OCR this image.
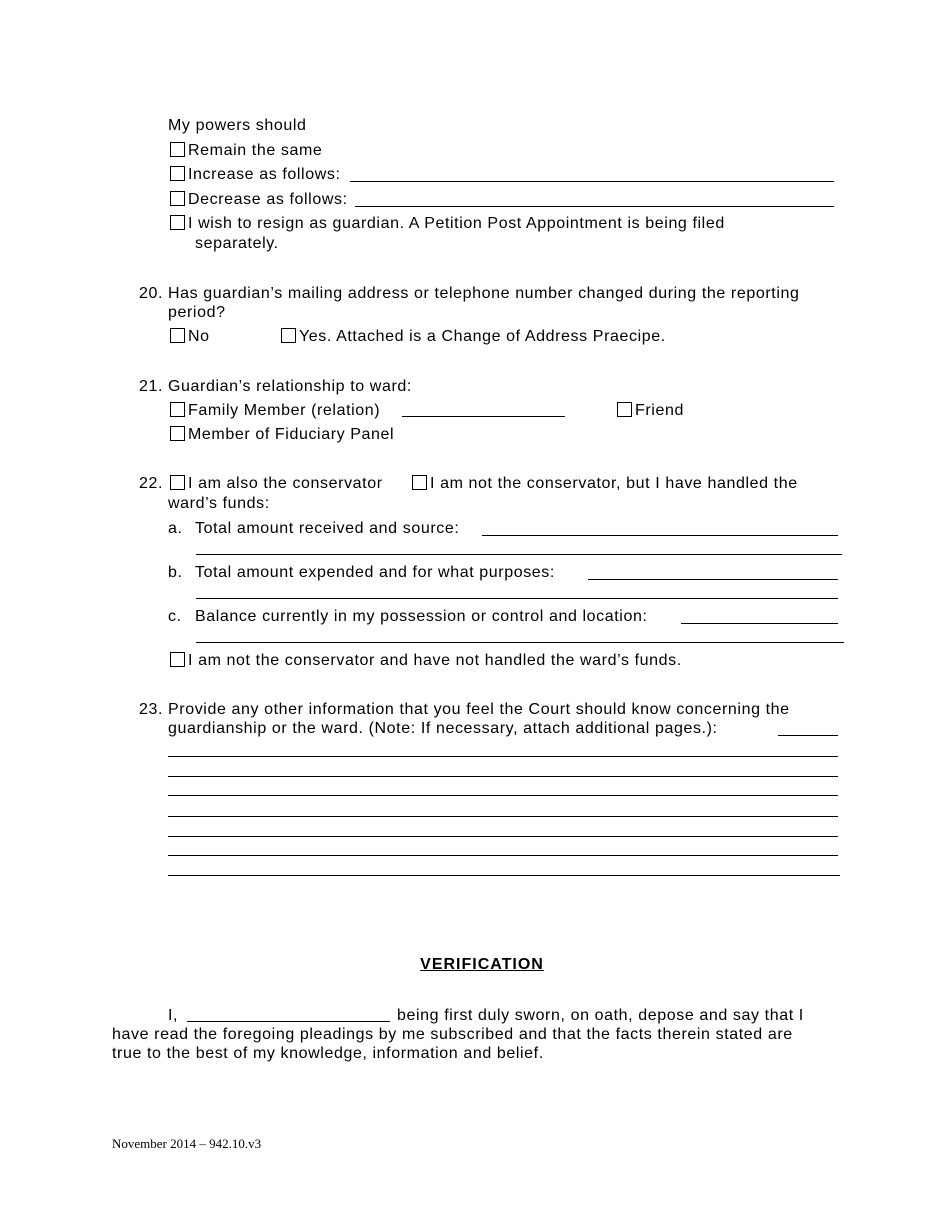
My powers should
Remain the same
Increase as follows:
Decrease as follows:
I wish to resign as guardian. A Petition Post Appointment is being filed
separately.
20. Has guardian’s mailing address or telephone number changed during the reporting
period?
No	Yes. Attached is a Change of Address Praecipe.
21. Guardian’s relationship to ward:
Family Member (relation)	Friend
Member of Fiduciary Panel
22. I am also the conservator	I am not the conservator, but I have handled the
ward’s funds:
a. Total amount received and source:
b. Total amount expended and for what purposes:
c. Balance currently in my possession or control and location:
I am not the conservator and have not handled the ward’s funds.
23. Provide any other information that you feel the Court should know concerning the
guardianship or the ward. (Note: If necessary, attach additional pages.):
VERIFICATION
I,	being first duly sworn, on oath, depose and say that I
have read the foregoing pleadings by me subscribed and that the facts therein stated are
true to the best of my knowledge, information and belief.
November 2014 – 942.10.v3
